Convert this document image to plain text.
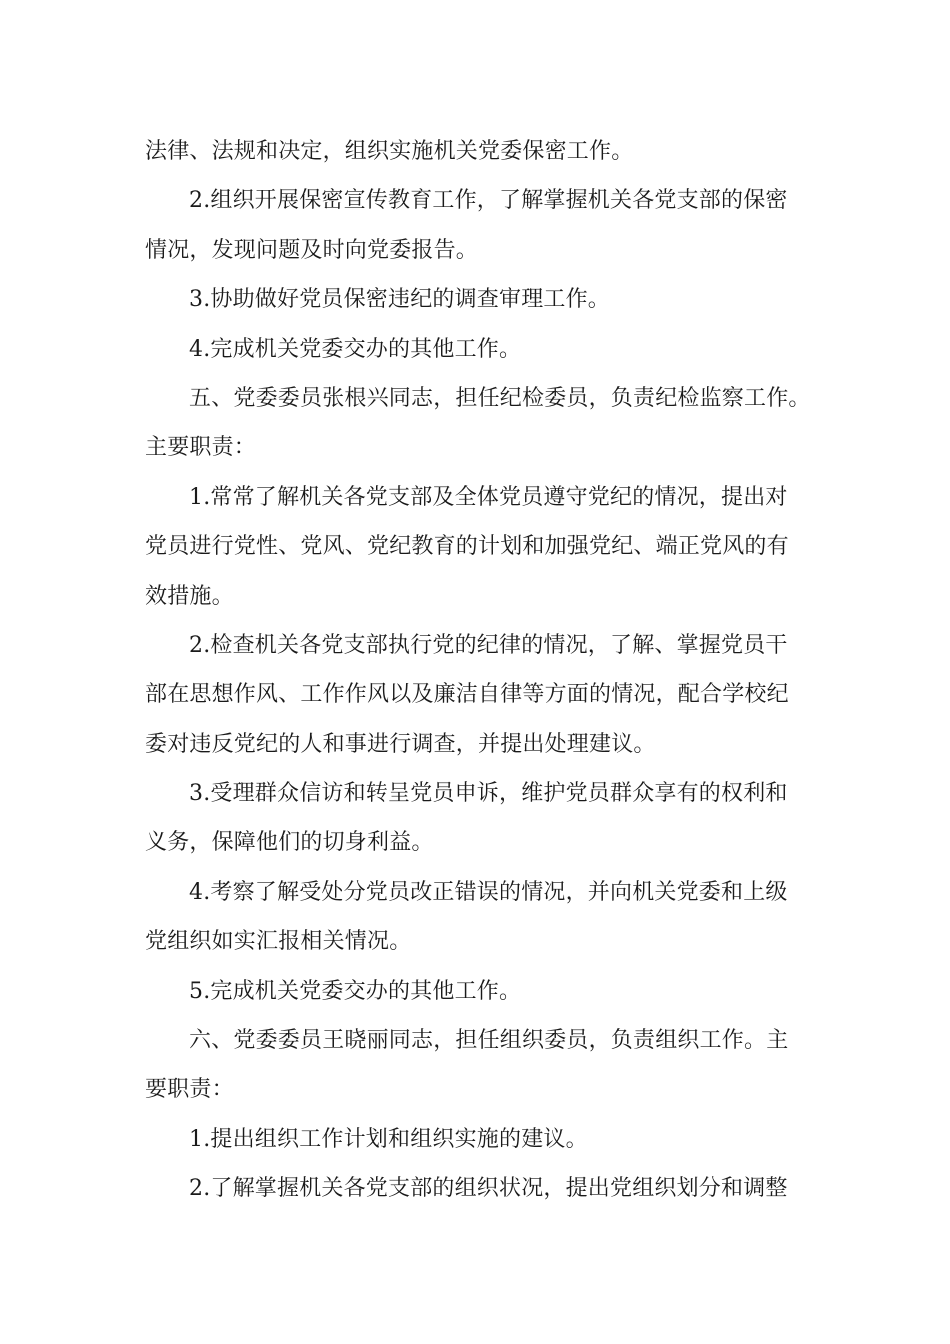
法律、法规和决定，组织实施机关党委保密工作。
2.组织开展保密宣传教育工作，了解掌握机关各党支部的保密
情况，发现问题及时向党委报告。
3.协助做好党员保密违纪的调查审理工作。
4.完成机关党委交办的其他工作。
五、党委委员张根兴同志，担任纪检委员，负责纪检监察工作。
主要职责：
1.常常了解机关各党支部及全体党员遵守党纪的情况，提出对
党员进行党性、党风、党纪教育的计划和加强党纪、端正党风的有
效措施。
2.检查机关各党支部执行党的纪律的情况，了解、掌握党员干
部在思想作风、工作作风以及廉洁自律等方面的情况，配合学校纪
委对违反党纪的人和事进行调查，并提出处理建议。
3.受理群众信访和转呈党员申诉，维护党员群众享有的权利和
义务，保障他们的切身利益。
4.考察了解受处分党员改正错误的情况，并向机关党委和上级
党组织如实汇报相关情况。
5.完成机关党委交办的其他工作。
六、党委委员王晓丽同志，担任组织委员，负责组织工作。主
要职责：
1.提出组织工作计划和组织实施的建议。
2.了解掌握机关各党支部的组织状况，提出党组织划分和调整
